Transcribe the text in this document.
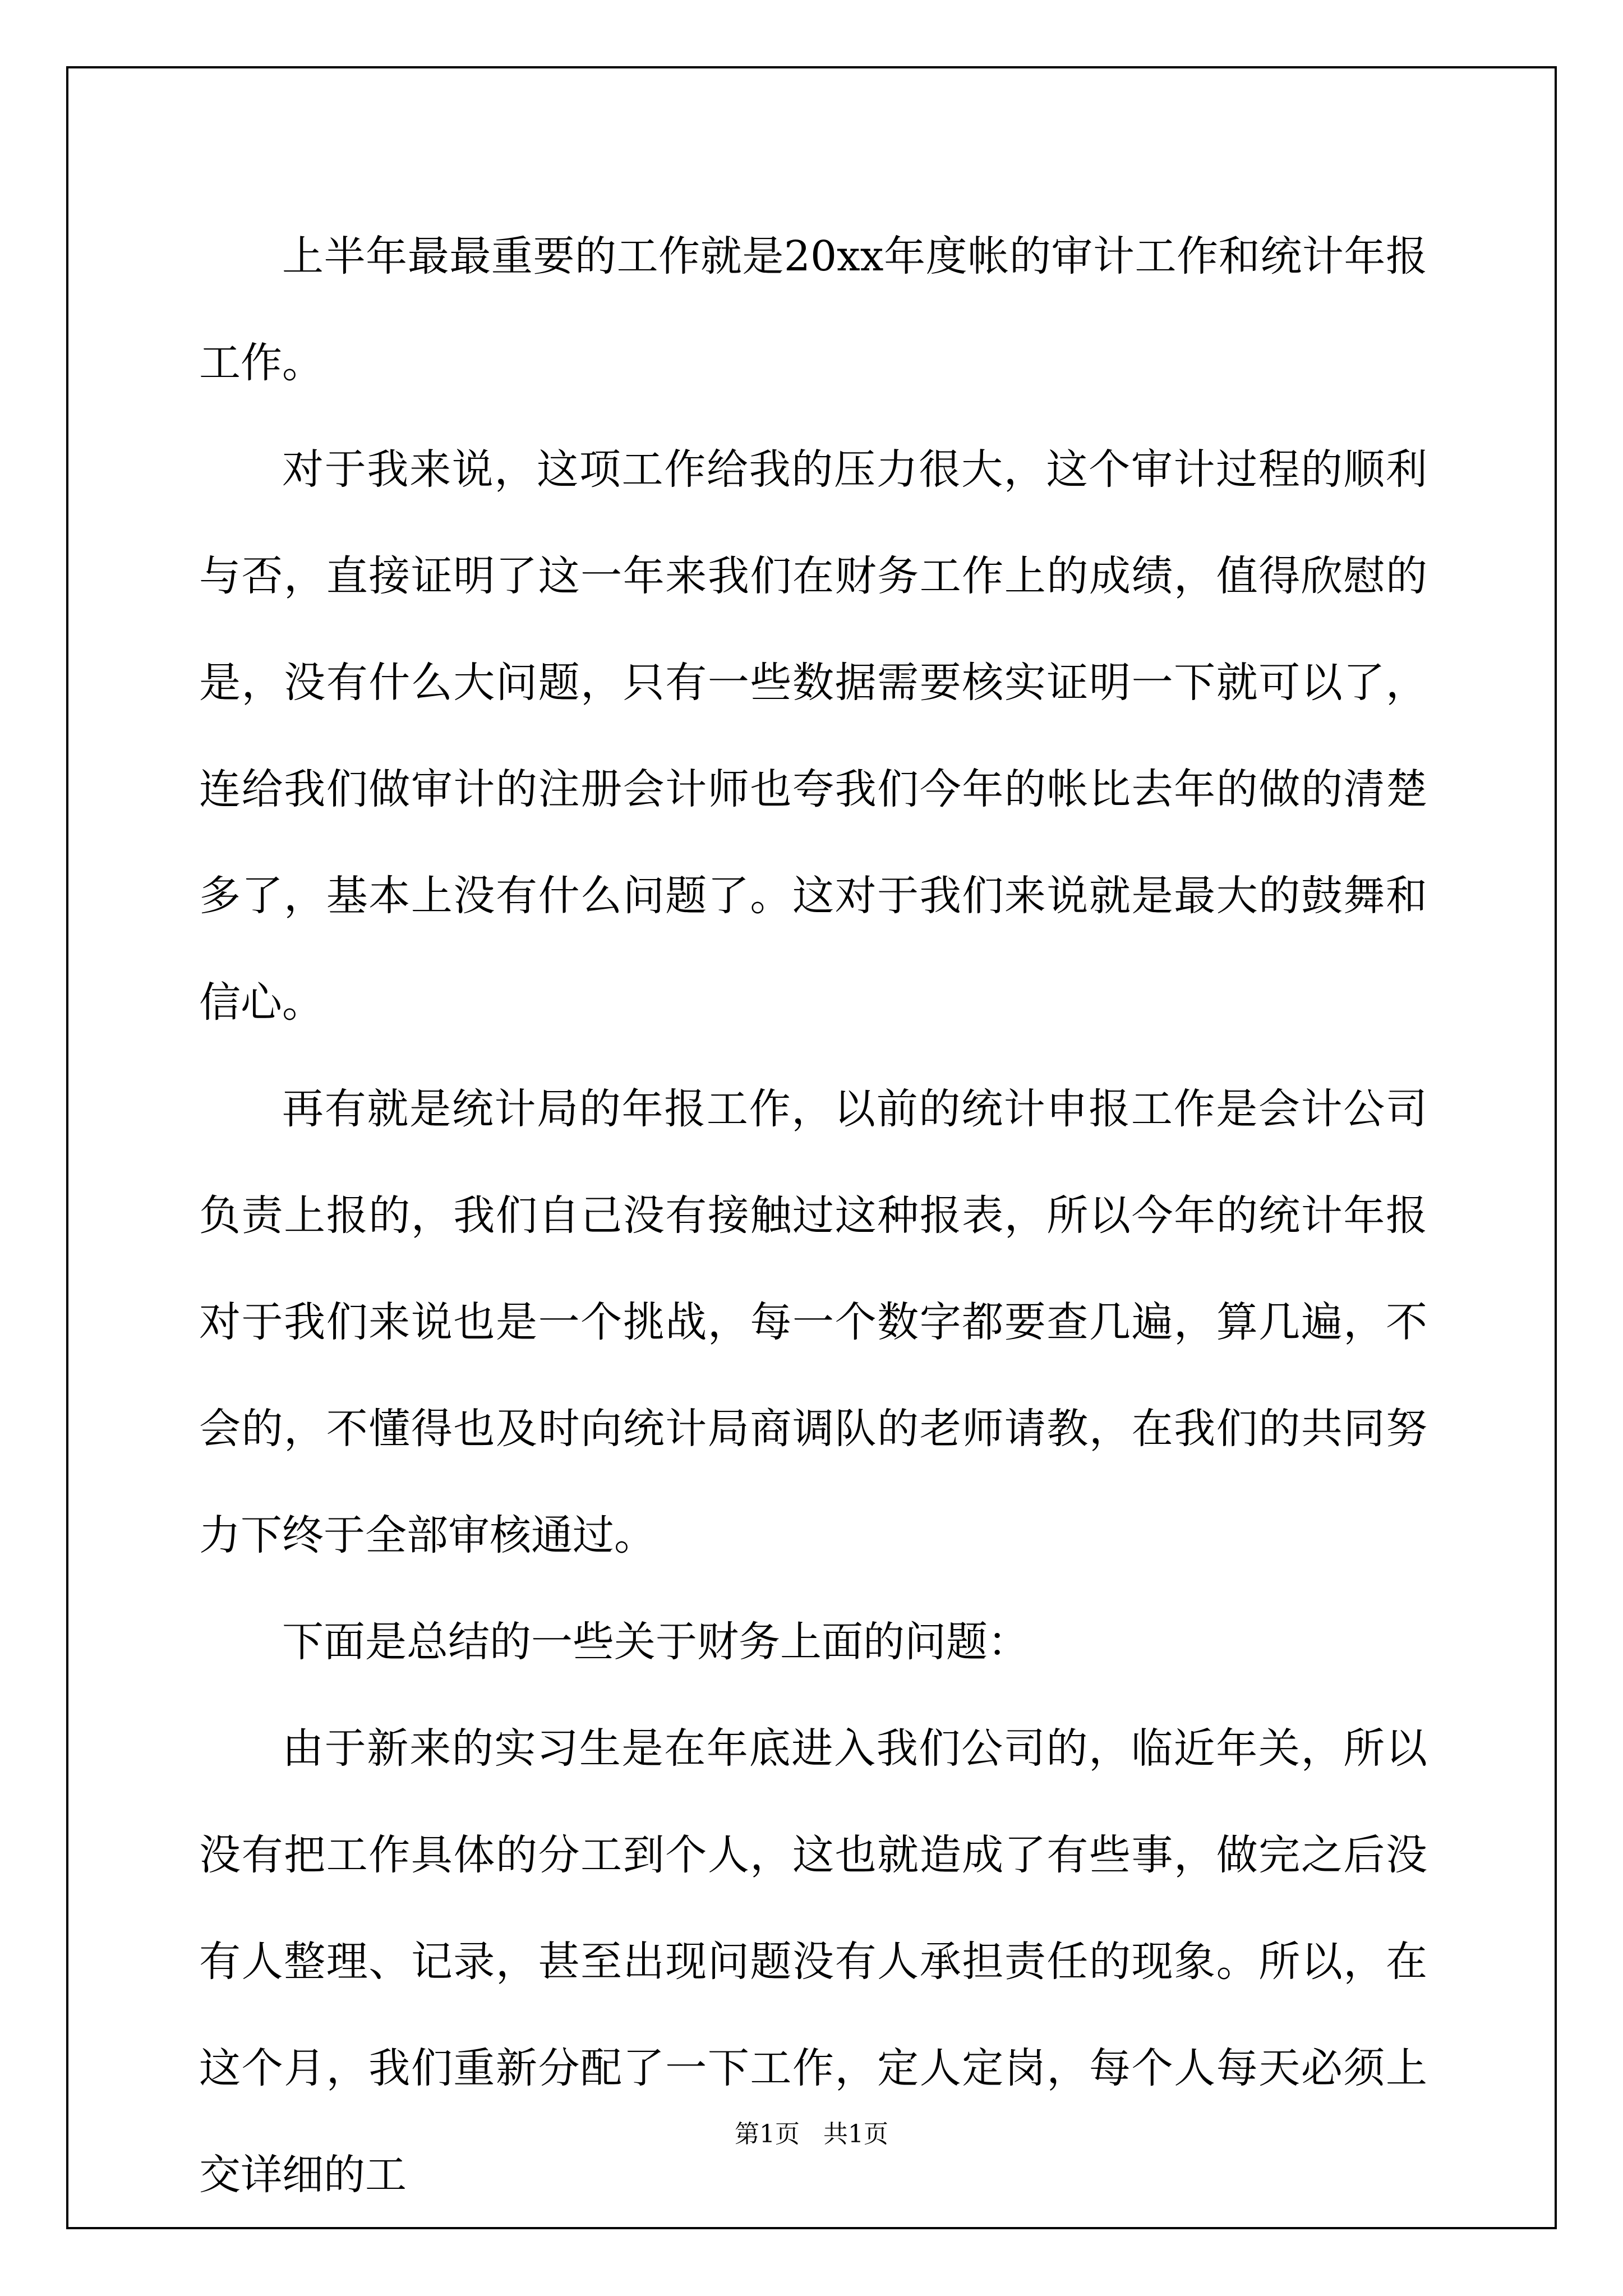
上半年最最重要的工作就是20xx年度帐的审计工作和统计年报工作。

对于我来说，这项工作给我的压力很大，这个审计过程的顺利与否，直接证明了这一年来我们在财务工作上的成绩，值得欣慰的是，没有什么大问题，只有一些数据需要核实证明一下就可以了，连给我们做审计的注册会计师也夸我们今年的帐比去年的做的清楚多了，基本上没有什么问题了。这对于我们来说就是最大的鼓舞和信心。

再有就是统计局的年报工作，以前的统计申报工作是会计公司负责上报的，我们自己没有接触过这种报表，所以今年的统计年报对于我们来说也是一个挑战，每一个数字都要查几遍，算几遍，不会的，不懂得也及时向统计局商调队的老师请教，在我们的共同努力下终于全部审核通过。

下面是总结的一些关于财务上面的问题：

由于新来的实习生是在年底进入我们公司的，临近年关，所以没有把工作具体的分工到个人，这也就造成了有些事，做完之后没有人整理、记录，甚至出现问题没有人承担责任的现象。所以，在这个月，我们重新分配了一下工作，定人定岗，每个人每天必须上交详细的工

第1页   共1页
